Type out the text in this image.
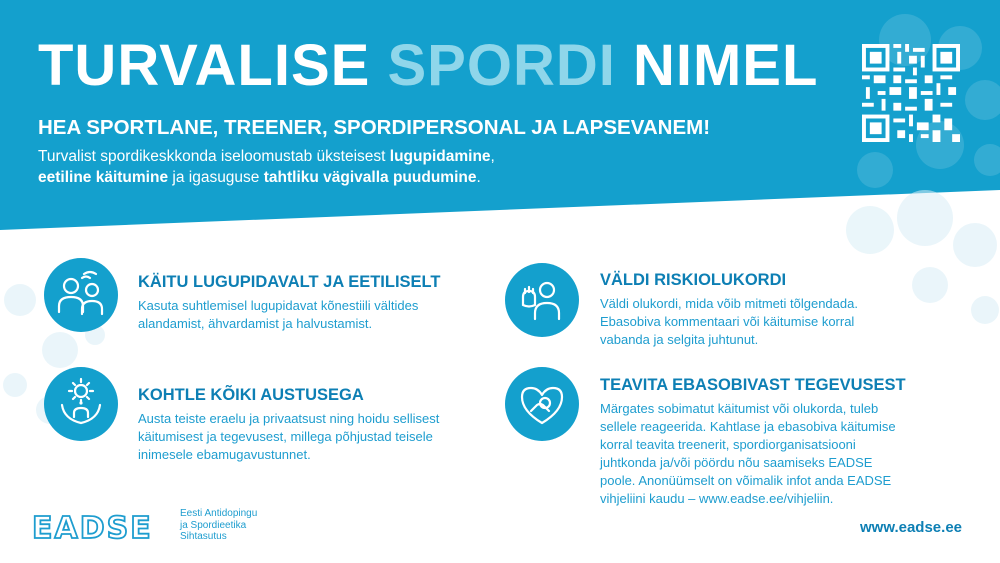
TURVALISE SPORDI NIMEL
HEA SPORTLANE, TREENER, SPORDIPERSONAL JA LAPSEVANEM!
Turvalist spordikeskkonda iseloomustab üksteisest lugupidamine,
eetiline käitumine ja igasuguse tahtliku vägivalla puudumine.
KÄITU LUGUPIDAVALT JA EETILISELT
Kasuta suhtlemisel lugupidavat kõnestiili vältides alandamist, ähvardamist ja halvustamist.
KOHTLE KÕIKI AUSTUSEGA
Austa teiste eraelu ja privaatsust ning hoidu sellisest käitumisest ja tegevusest, millega põhjustad teisele inimesele ebamugavustunnet.
VÄLDI RISKIOLUKORDI
Väldi olukordi, mida võib mitmeti tõlgendada. Ebasobiva kommentaari või käitumise korral vabanda ja selgita juhtunut.
TEAVITA EBASOBIVAST TEGEVUSEST
Märgates sobimatut käitumist või olukorda, tuleb sellele reageerida. Kahtlase ja ebasobiva käitumise korral teavita treenerit, spordiorganisatsiooni juhtkonda ja/või pöördu nõu saamiseks EADSE poole. Anonüümselt on võimalik infot anda EADSE vihjeliini kaudu – www.eadse.ee/vihjeliin.
EADSE	Eesti Antidopingu
ja Spordieetika
Sihtasutus
www.eadse.ee
